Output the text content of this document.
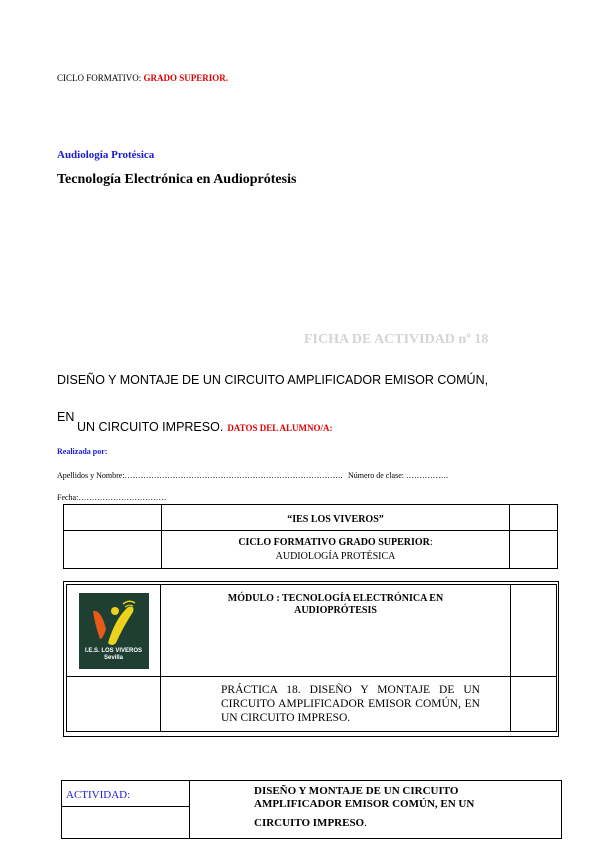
CICLO FORMATIVO: GRADO SUPERIOR.
Audiología Protésica
Tecnología Electrónica en Audioprótesis
FICHA DE ACTIVIDAD nº 18
DISEÑO Y MONTAJE DE UN CIRCUITO AMPLIFICADOR EMISOR COMÚN,
EN
UN CIRCUITO IMPRESO. DATOS DEL ALUMNO/A:
Realizada por:
Apellidos y Nombre:………………………………………………………………………. Número de clase: …………….
Fecha:……………………………
	“IES LOS VIVEROS”	

	CICLO FORMATIVO GRADO SUPERIOR:
AUDIOLOGÍA PROTÉSICA	

I.E.S. LOS VIVEROS
Sevilla	MÓDULO : TECNOLOGÍA ELECTRÓNICA EN AUDIOPRÓTESIS	

	PRÁCTICA 18. DISEÑO Y MONTAJE DE UN CIRCUITO AMPLIFICADOR EMISOR COMÚN, EN UN CIRCUITO IMPRESO.	

ACTIVIDAD:	DISEÑO Y MONTAJE DE UN CIRCUITO
AMPLIFICADOR EMISOR COMÚN, EN UN
CIRCUITO IMPRESO.
